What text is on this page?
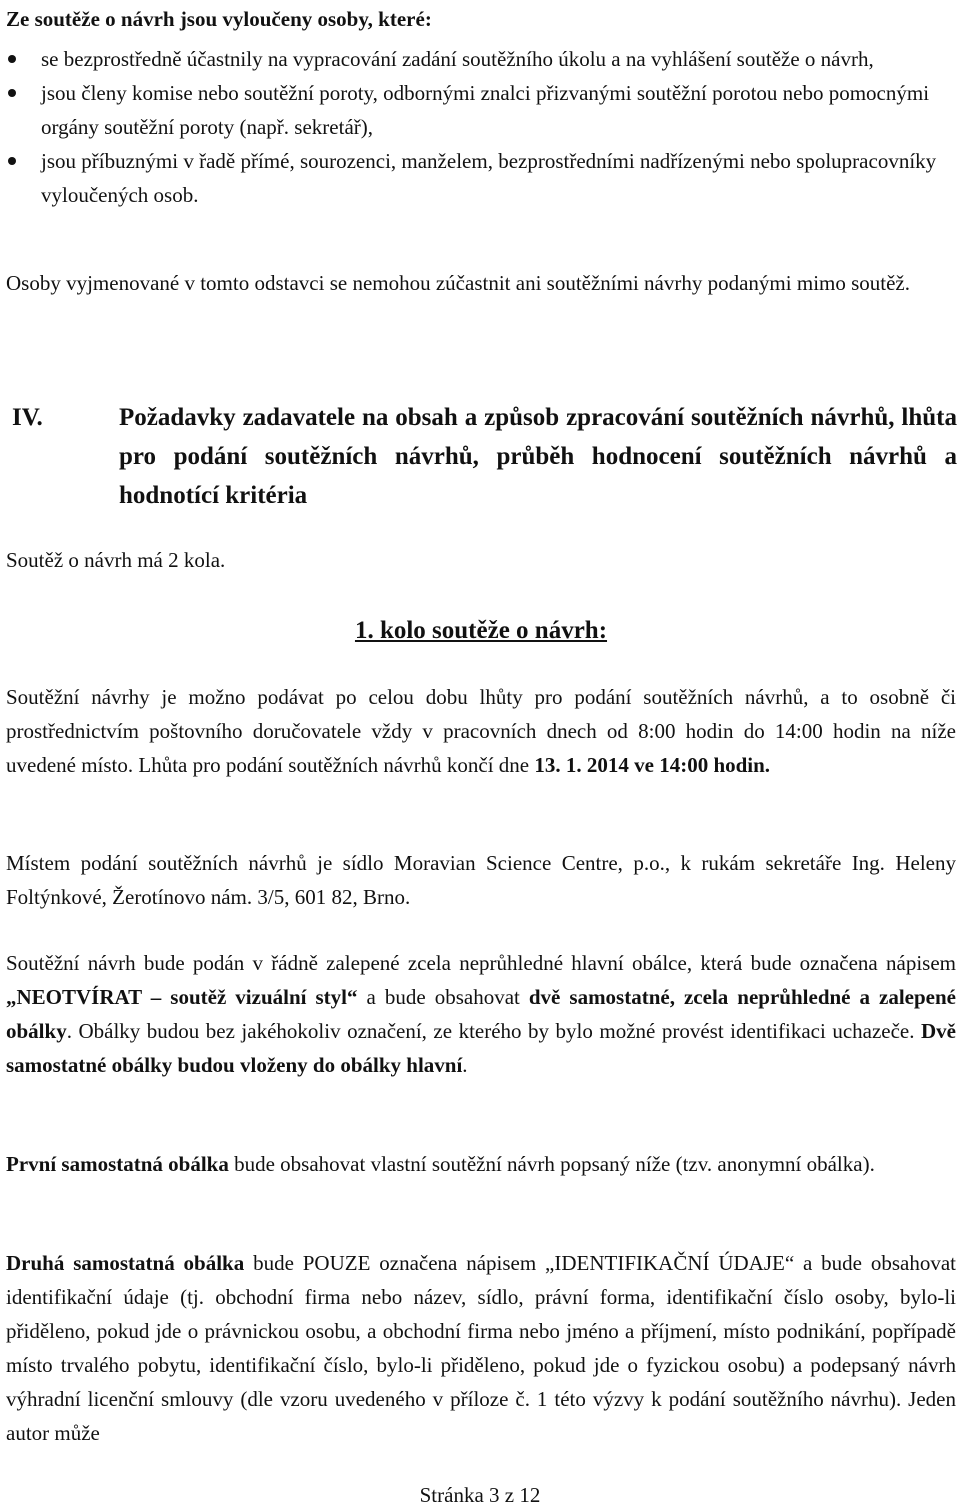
Ze soutěže o návrh jsou vyloučeny osoby, které:
se bezprostředně účastnily na vypracování zadání soutěžního úkolu a na vyhlášení soutěže o návrh,
jsou členy komise nebo soutěžní poroty, odbornými znalci přizvanými soutěžní porotou nebo pomocnými orgány soutěžní poroty (např. sekretář),
jsou příbuznými v řadě přímé, sourozenci, manželem, bezprostředními nadřízenými nebo spolupracovníky vyloučených osob.
Osoby vyjmenované v tomto odstavci se nemohou zúčastnit ani soutěžními návrhy podanými mimo soutěž.
IV.	Požadavky zadavatele na obsah a způsob zpracování soutěžních návrhů, lhůta pro podání soutěžních návrhů, průběh hodnocení soutěžních návrhů a hodnotící kritéria
Soutěž o návrh má 2 kola.
1. kolo soutěže o návrh:
Soutěžní návrhy je možno podávat po celou dobu lhůty pro podání soutěžních návrhů, a to osobně či prostřednictvím poštovního doručovatele vždy v pracovních dnech od 8:00 hodin do 14:00 hodin na níže uvedené místo. Lhůta pro podání soutěžních návrhů končí dne 13. 1. 2014 ve 14:00 hodin.
Místem podání soutěžních návrhů je sídlo Moravian Science Centre, p.o., k rukám sekretáře Ing. Heleny Foltýnkové, Žerotínovo nám. 3/5, 601 82, Brno.
Soutěžní návrh bude podán v řádně zalepené zcela neprůhledné hlavní obálce, která bude označena nápisem „NEOTVÍRAT – soutěž vizuální styl“ a bude obsahovat dvě samostatné, zcela neprůhledné a zalepené obálky. Obálky budou bez jakéhokoliv označení, ze kterého by bylo možné provést identifikaci uchazeče. Dvě samostatné obálky budou vloženy do obálky hlavní.
První samostatná obálka bude obsahovat vlastní soutěžní návrh popsaný níže (tzv. anonymní obálka).
Druhá samostatná obálka bude POUZE označena nápisem „IDENTIFIKAČNÍ ÚDAJE“ a bude obsahovat identifikační údaje (tj. obchodní firma nebo název, sídlo, právní forma, identifikační číslo osoby, bylo-li přiděleno, pokud jde o právnickou osobu, a obchodní firma nebo jméno a příjmení, místo podnikání, popřípadě místo trvalého pobytu, identifikační číslo, bylo-li přiděleno, pokud jde o fyzickou osobu) a podepsaný návrh výhradní licenční smlouvy (dle vzoru uvedeného v příloze č. 1 této výzvy k podání soutěžního návrhu). Jeden autor může
Stránka 3 z 12
